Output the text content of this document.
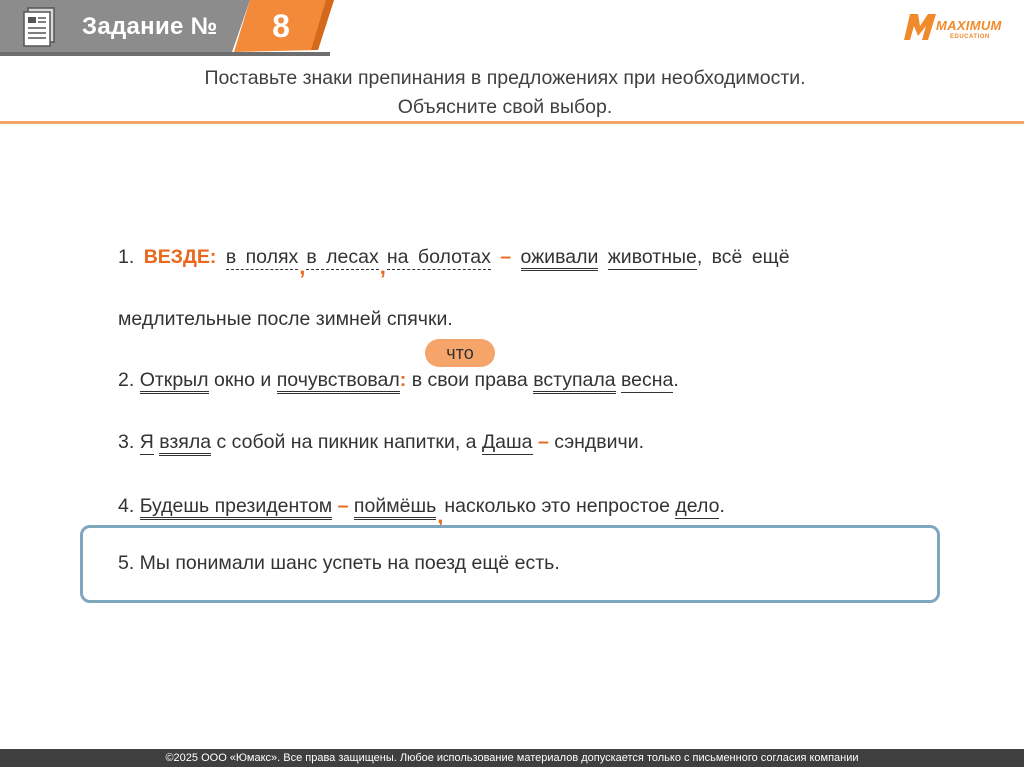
Задание №	8	MAXIMUM
EDUCATION
Поставьте знаки препинания в предложениях при необходимости.
Объясните свой выбор.
1. ВЕЗДЕ: в полях,в лесах,на болотах – оживали животные, всё ещё
медлительные после зимней спячки.
что
2. Открыл окно и почувствовал: в свои права вступала весна.
3. Я взяла с собой на пикник напитки, а Даша – сэндвичи.
4. Будешь президентом – поймёшь,насколько это непростое дело.
5. Мы понимали шанс успеть на поезд ещё есть.
©2025 ООО «Юмакс». Все права защищены. Любое использование материалов допускается только с письменного согласия компании
